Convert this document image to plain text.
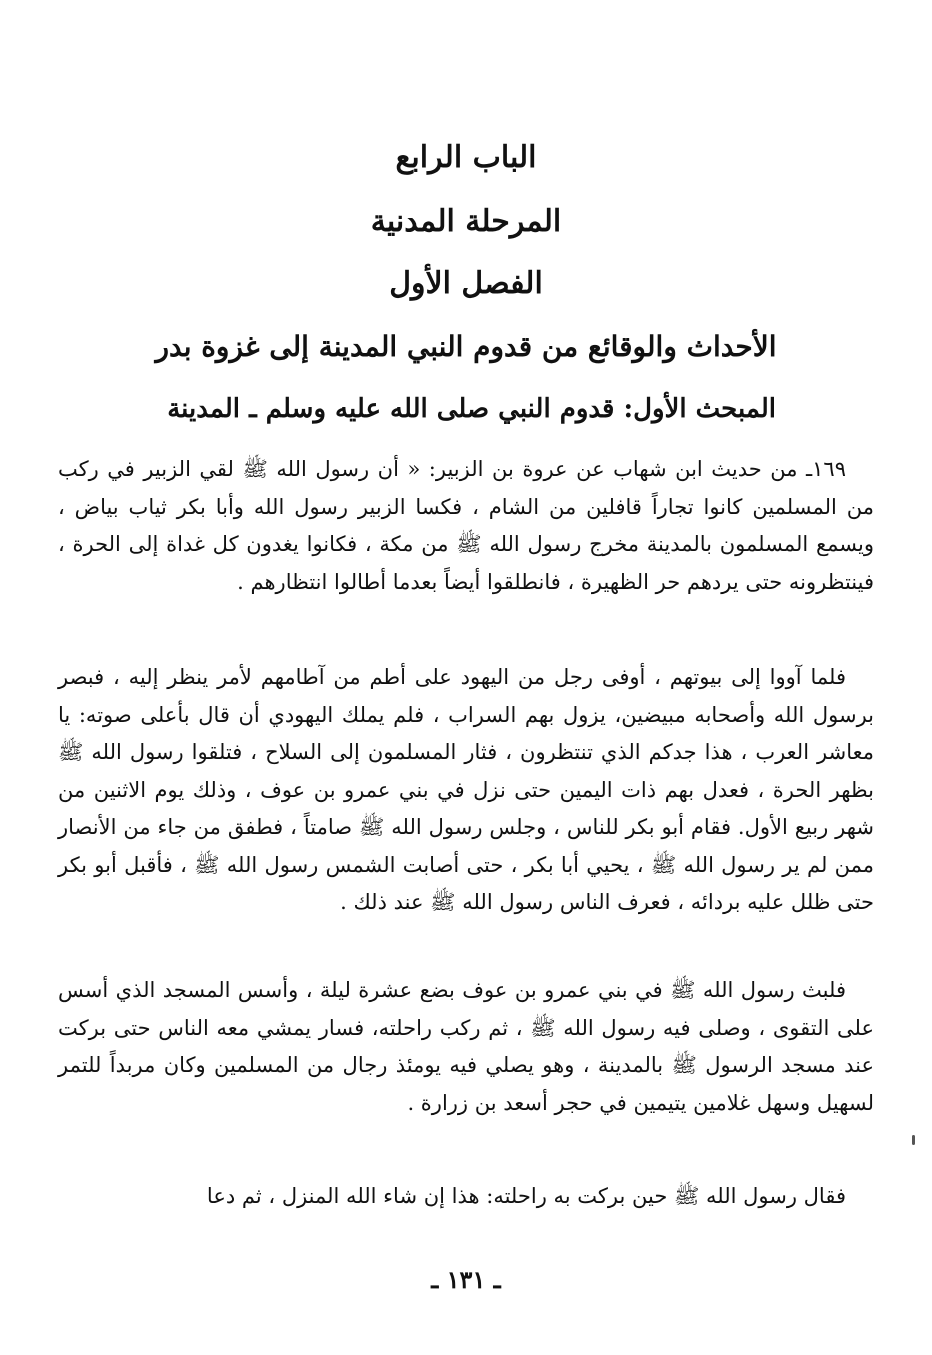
الباب الرابع
المرحلة المدنية
الفصل الأول
الأحداث والوقائع من قدوم النبي المدينة إلى غزوة بدر
المبحث الأول: قدوم النبي صلى الله عليه وسلم ـ المدينة

١٦٩ـ من حديث ابن شهاب عن عروة بن الزبير: « أن رسول الله ﷺ لقي الزبير في ركب من المسلمين كانوا تجاراً قافلين من الشام ، فكسا الزبير رسول الله وأبا بكر ثياب بياض ، ويسمع المسلمون بالمدينة مخرج رسول الله ﷺ من مكة ، فكانوا يغدون كل غداة إلى الحرة ، فينتظرونه حتى يردهم حر الظهيرة ، فانطلقوا أيضاً بعدما أطالوا انتظارهم .

فلما آووا إلى بيوتهم ، أوفى رجل من اليهود على أطم من آطامهم لأمر ينظر إليه ، فبصر برسول الله وأصحابه مبيضين، يزول بهم السراب ، فلم يملك اليهودي أن قال بأعلى صوته: يا معاشر العرب ، هذا جدكم الذي تنتظرون ، فثار المسلمون إلى السلاح ، فتلقوا رسول الله ﷺ بظهر الحرة ، فعدل بهم ذات اليمين حتى نزل في بني عمرو بن عوف ، وذلك يوم الاثنين من شهر ربيع الأول. فقام أبو بكر للناس ، وجلس رسول الله ﷺ صامتاً ، فطفق من جاء من الأنصار ممن لم ير رسول الله ﷺ ، يحيي أبا بكر ، حتى أصابت الشمس رسول الله ﷺ ، فأقبل أبو بكر حتى ظلل عليه بردائه ، فعرف الناس رسول الله ﷺ عند ذلك .

فلبث رسول الله ﷺ في بني عمرو بن عوف بضع عشرة ليلة ، وأسس المسجد الذي أسس على التقوى ، وصلى فيه رسول الله ﷺ ، ثم ركب راحلته، فسار يمشي معه الناس حتى بركت عند مسجد الرسول ﷺ بالمدينة ، وهو يصلي فيه يومئذ رجال من المسلمين وكان مربداً للتمر لسهيل وسهل غلامين يتيمين في حجر أسعد بن زرارة .

فقال رسول الله ﷺ حين بركت به راحلته: هذا إن شاء الله المنزل ، ثم دعا

ـ ١٣١ ـ
